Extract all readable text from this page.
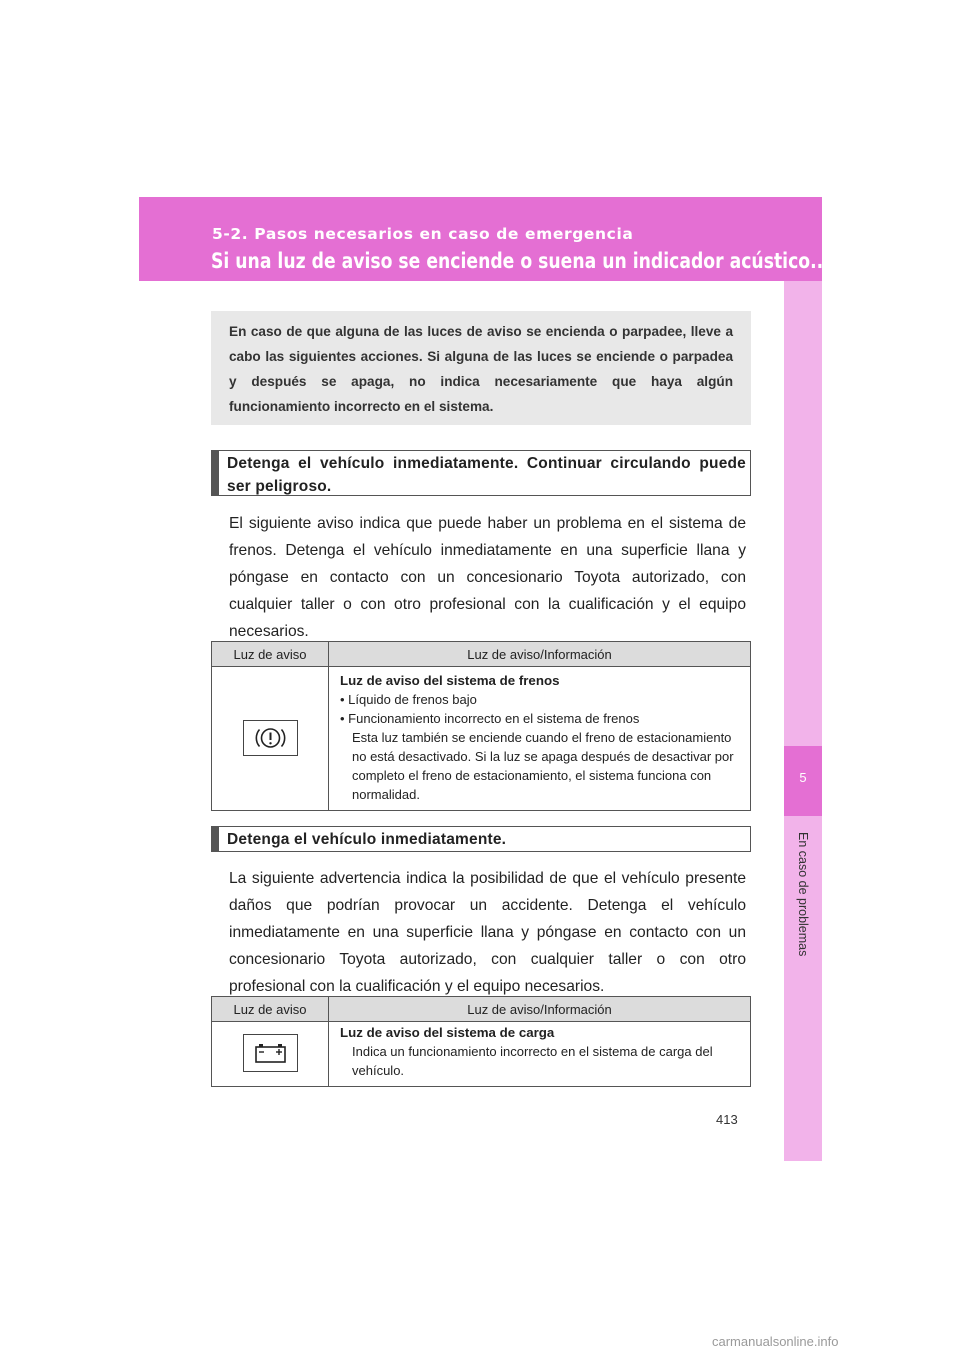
5-2. Pasos necesarios en caso de emergencia
Si una luz de aviso se enciende o suena un indicador acústico...
5
En caso de problemas

En caso de que alguna de las luces de aviso se encienda o parpadee, lleve a cabo las siguientes acciones. Si alguna de las luces se enciende o parpadea y después se apaga, no indica necesariamente que haya algún funcionamiento incorrecto en el sistema.

Detenga el vehículo inmediatamente. Continuar circulando puede ser peligroso.

El siguiente aviso indica que puede haber un problema en el sistema de frenos. Detenga el vehículo inmediatamente en una superficie llana y póngase en contacto con un concesionario Toyota autorizado, con cualquier taller o con otro profesional con la cualificación y el equipo necesarios.

Luz de aviso	Luz de aviso/Información

Luz de aviso del sistema de frenos
• Líquido de frenos bajo
• Funcionamiento incorrecto en el sistema de frenos
Esta luz también se enciende cuando el freno de estacionamiento no está desactivado. Si la luz se apaga después de desactivar por completo el freno de estacionamiento, el sistema funciona con normalidad.
Detenga el vehículo inmediatamente.

La siguiente advertencia indica la posibilidad de que el vehículo presente daños que podrían provocar un accidente. Detenga el vehículo inmediatamente en una superficie llana y póngase en contacto con un concesionario Toyota autorizado, con cualquier taller o con otro profesional con la cualificación y el equipo necesarios.

Luz de aviso	Luz de aviso/Información

Luz de aviso del sistema de carga
Indica un funcionamiento incorrecto en el sistema de carga del vehículo.
413
carmanualsonline.info
